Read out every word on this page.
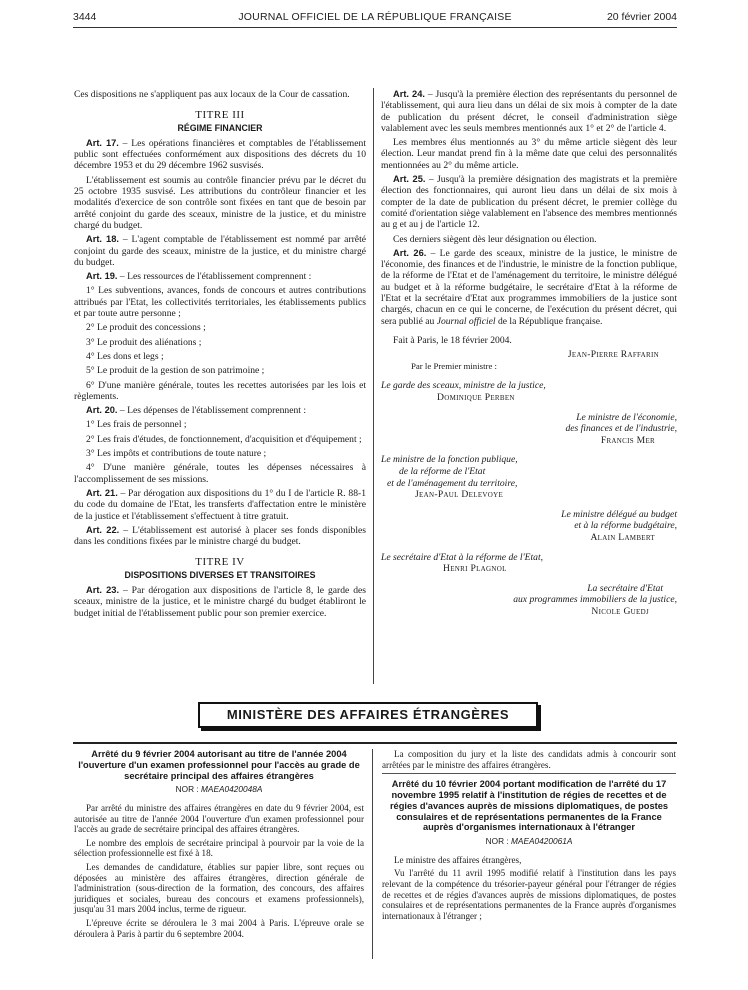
3444	JOURNAL OFFICIEL DE LA RÉPUBLIQUE FRANÇAISE	20 février 2004

Ces dispositions ne s'appliquent pas aux locaux de la Cour de cassation.

TITRE III
RÉGIME FINANCIER

Art. 17. – Les opérations financières et comptables de l'établissement public sont effectuées conformément aux dispositions des décrets du 10 décembre 1953 et du 29 décembre 1962 susvisés.

L'établissement est soumis au contrôle financier prévu par le décret du 25 octobre 1935 susvisé. Les attributions du contrôleur financier et les modalités d'exercice de son contrôle sont fixées en tant que de besoin par arrêté conjoint du garde des sceaux, ministre de la justice, et du ministre chargé du budget.

Art. 18. – L'agent comptable de l'établissement est nommé par arrêté conjoint du garde des sceaux, ministre de la justice, et du ministre chargé du budget.

Art. 19. – Les ressources de l'établissement comprennent :

1° Les subventions, avances, fonds de concours et autres contributions attribués par l'Etat, les collectivités territoriales, les établissements publics et par toute autre personne ;

2° Le produit des concessions ;

3° Le produit des aliénations ;

4° Les dons et legs ;

5° Le produit de la gestion de son patrimoine ;

6° D'une manière générale, toutes les recettes autorisées par les lois et règlements.

Art. 20. – Les dépenses de l'établissement comprennent :

1° Les frais de personnel ;

2° Les frais d'études, de fonctionnement, d'acquisition et d'équipement ;

3° Les impôts et contributions de toute nature ;

4° D'une manière générale, toutes les dépenses nécessaires à l'accomplissement de ses missions.

Art. 21. – Par dérogation aux dispositions du 1° du I de l'article R. 88-1 du code du domaine de l'Etat, les transferts d'affectation entre le ministère de la justice et l'établissement s'effectuent à titre gratuit.

Art. 22. – L'établissement est autorisé à placer ses fonds disponibles dans les conditions fixées par le ministre chargé du budget.

TITRE IV
DISPOSITIONS DIVERSES ET TRANSITOIRES

Art. 23. – Par dérogation aux dispositions de l'article 8, le garde des sceaux, ministre de la justice, et le ministre chargé du budget établiront le budget initial de l'établissement public pour son premier exercice.

Art. 24. – Jusqu'à la première élection des représentants du personnel de l'établissement, qui aura lieu dans un délai de six mois à compter de la date de publication du présent décret, le conseil d'administration siège valablement avec les seuls membres mentionnés aux 1° et 2° de l'article 4.

Les membres élus mentionnés au 3° du même article siègent dès leur élection. Leur mandat prend fin à la même date que celui des personnalités mentionnées au 2° du même article.

Art. 25. – Jusqu'à la première désignation des magistrats et la première élection des fonctionnaires, qui auront lieu dans un délai de six mois à compter de la date de publication du présent décret, le premier collège du comité d'orientation siège valablement en l'absence des membres mentionnés au g et au j de l'article 12.

Ces derniers siègent dès leur désignation ou élection.

Art. 26. – Le garde des sceaux, ministre de la justice, le ministre de l'économie, des finances et de l'industrie, le ministre de la fonction publique, de la réforme de l'Etat et de l'aménagement du territoire, le ministre délégué au budget et à la réforme budgétaire, le secrétaire d'Etat à la réforme de l'Etat et la secrétaire d'Etat aux programmes immobiliers de la justice sont chargés, chacun en ce qui le concerne, de l'exécution du présent décret, qui sera publié au Journal officiel de la République française.

Fait à Paris, le 18 février 2004.

Jean-Pierre Raffarin
Par le Premier ministre :
Le garde des sceaux, ministre de la justice,
Dominique Perben
Le ministre de l'économie,
des finances et de l'industrie,
Francis Mer
Le ministre de la fonction publique,
de la réforme de l'Etat
et de l'aménagement du territoire,
Jean-Paul Delevoye
Le ministre délégué au budget
et à la réforme budgétaire,
Alain Lambert
Le secrétaire d'Etat à la réforme de l'Etat,
Henri Plagnol
La secrétaire d'Etat
aux programmes immobiliers de la justice,
Nicole Guedj
MINISTÈRE DES AFFAIRES ÉTRANGÈRES
Arrêté du 9 février 2004 autorisant au titre de l'année 2004 l'ouverture d'un examen professionnel pour l'accès au grade de secrétaire principal des affaires étrangères
NOR : MAEA0420048A

Par arrêté du ministre des affaires étrangères en date du 9 février 2004, est autorisée au titre de l'année 2004 l'ouverture d'un examen professionnel pour l'accès au grade de secrétaire principal des affaires étrangères.

Le nombre des emplois de secrétaire principal à pourvoir par la voie de la sélection professionnelle est fixé à 18.

Les demandes de candidature, établies sur papier libre, sont reçues ou déposées au ministère des affaires étrangères, direction générale de l'administration (sous-direction de la formation, des concours, des affaires juridiques et sociales, bureau des concours et examens professionnels), jusqu'au 31 mars 2004 inclus, terme de rigueur.

L'épreuve écrite se déroulera le 3 mai 2004 à Paris. L'épreuve orale se déroulera à Paris à partir du 6 septembre 2004.

La composition du jury et la liste des candidats admis à concourir sont arrêtées par le ministre des affaires étrangères.

Arrêté du 10 février 2004 portant modification de l'arrêté du 17 novembre 1995 relatif à l'institution de régies de recettes et de régies d'avances auprès de missions diplomatiques, de postes consulaires et de représentations permanentes de la France auprès d'organismes internationaux à l'étranger
NOR : MAEA0420061A

Le ministre des affaires étrangères,

Vu l'arrêté du 11 avril 1995 modifié relatif à l'institution dans les pays relevant de la compétence du trésorier-payeur général pour l'étranger de régies de recettes et de régies d'avances auprès de missions diplomatiques, de postes consulaires et de représentations permanentes de la France auprès d'organismes internationaux à l'étranger ;
